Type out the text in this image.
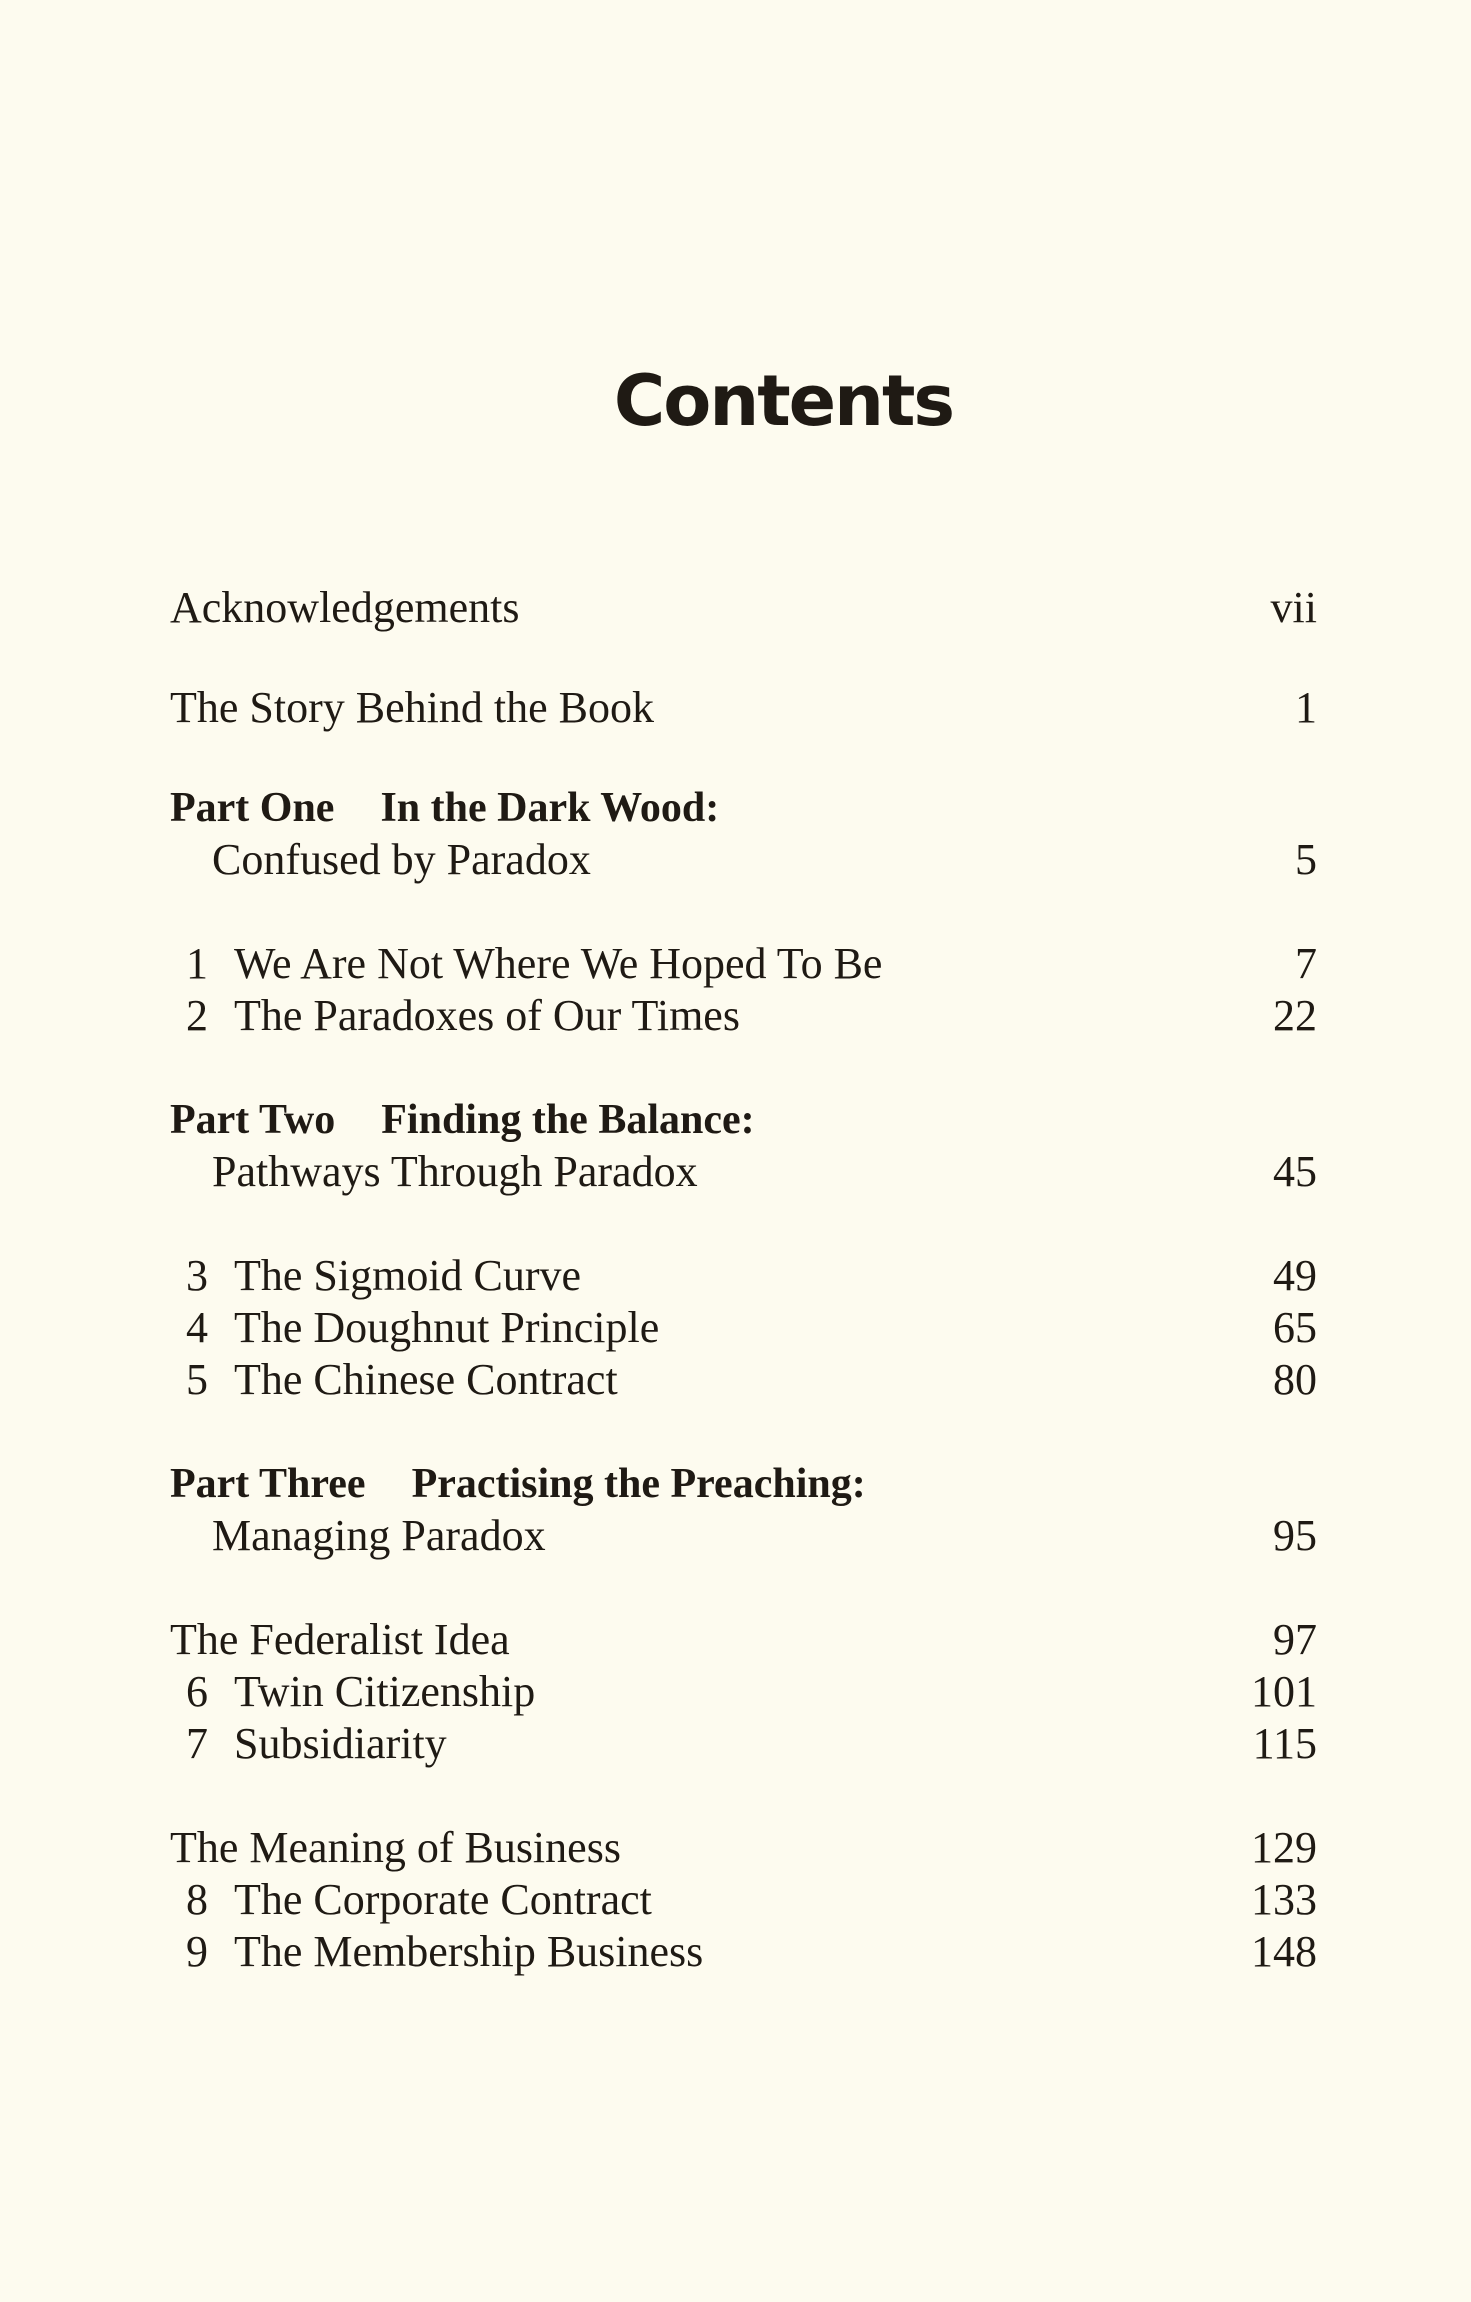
Contents
Acknowledgements	vii
The Story Behind the Book	1
Part One In the Dark Wood:
Confused by Paradox	5
1 We Are Not Where We Hoped To Be	7
2 The Paradoxes of Our Times	22
Part Two Finding the Balance:
Pathways Through Paradox	45
3 The Sigmoid Curve	49
4 The Doughnut Principle	65
5 The Chinese Contract	80
Part Three Practising the Preaching:
Managing Paradox	95
The Federalist Idea	97
6 Twin Citizenship	101
7 Subsidiarity	115
The Meaning of Business	129
8 The Corporate Contract	133
9 The Membership Business	148
